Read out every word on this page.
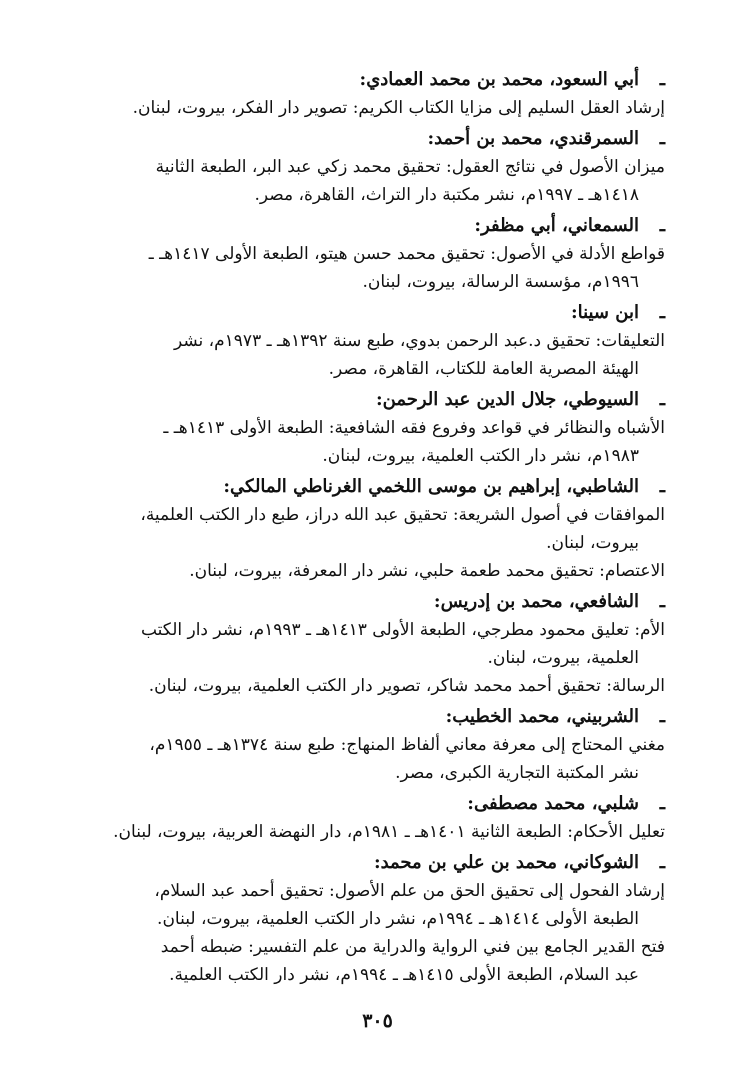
ـ
أبي السعود، محمد بن محمد العمادي:
إرشاد العقل السليم إلى مزايا الكتاب الكريم: تصوير دار الفكر، بيروت، لبنان.
ـ
السمرقندي، محمد بن أحمد:
ميزان الأصول في نتائج العقول: تحقيق محمد زكي عبد البر، الطبعة الثانية
١٤١٨هـ ـ ١٩٩٧م، نشر مكتبة دار التراث، القاهرة، مصر.
ـ
السمعاني، أبي مظفر:
قواطع الأدلة في الأصول: تحقيق محمد حسن هيتو، الطبعة الأولى ١٤١٧هـ ـ
١٩٩٦م، مؤسسة الرسالة، بيروت، لبنان.
ـ
ابن سينا:
التعليقات: تحقيق د.عبد الرحمن بدوي، طبع سنة ١٣٩٢هـ ـ ١٩٧٣م، نشر
الهيئة المصرية العامة للكتاب، القاهرة، مصر.
ـ
السيوطي، جلال الدين عبد الرحمن:
الأشباه والنظائر في قواعد وفروع فقه الشافعية: الطبعة الأولى ١٤١٣هـ ـ
١٩٨٣م، نشر دار الكتب العلمية، بيروت، لبنان.
ـ
الشاطبي، إبراهيم بن موسى اللخمي الغرناطي المالكي:
الموافقات في أصول الشريعة: تحقيق عبد الله دراز، طبع دار الكتب العلمية،
بيروت، لبنان.
الاعتصام: تحقيق محمد طعمة حلبي، نشر دار المعرفة، بيروت، لبنان.
ـ
الشافعي، محمد بن إدريس:
الأم: تعليق محمود مطرجي، الطبعة الأولى ١٤١٣هـ ـ ١٩٩٣م، نشر دار الكتب
العلمية، بيروت، لبنان.
الرسالة: تحقيق أحمد محمد شاكر، تصوير دار الكتب العلمية، بيروت، لبنان.
ـ
الشربيني، محمد الخطيب:
مغني المحتاج إلى معرفة معاني ألفاظ المنهاج: طبع سنة ١٣٧٤هـ ـ ١٩٥٥م،
نشر المكتبة التجارية الكبرى، مصر.
ـ
شلبي، محمد مصطفى:
تعليل الأحكام: الطبعة الثانية ١٤٠١هـ ـ ١٩٨١م، دار النهضة العربية، بيروت، لبنان.
ـ
الشوكاني، محمد بن علي بن محمد:
إرشاد الفحول إلى تحقيق الحق من علم الأصول: تحقيق أحمد عبد السلام،
الطبعة الأولى ١٤١٤هـ ـ ١٩٩٤م، نشر دار الكتب العلمية، بيروت، لبنان.
فتح القدير الجامع بين فني الرواية والدراية من علم التفسير: ضبطه أحمد
عبد السلام، الطبعة الأولى ١٤١٥هـ ـ ١٩٩٤م، نشر دار الكتب العلمية.
٣٠٥
